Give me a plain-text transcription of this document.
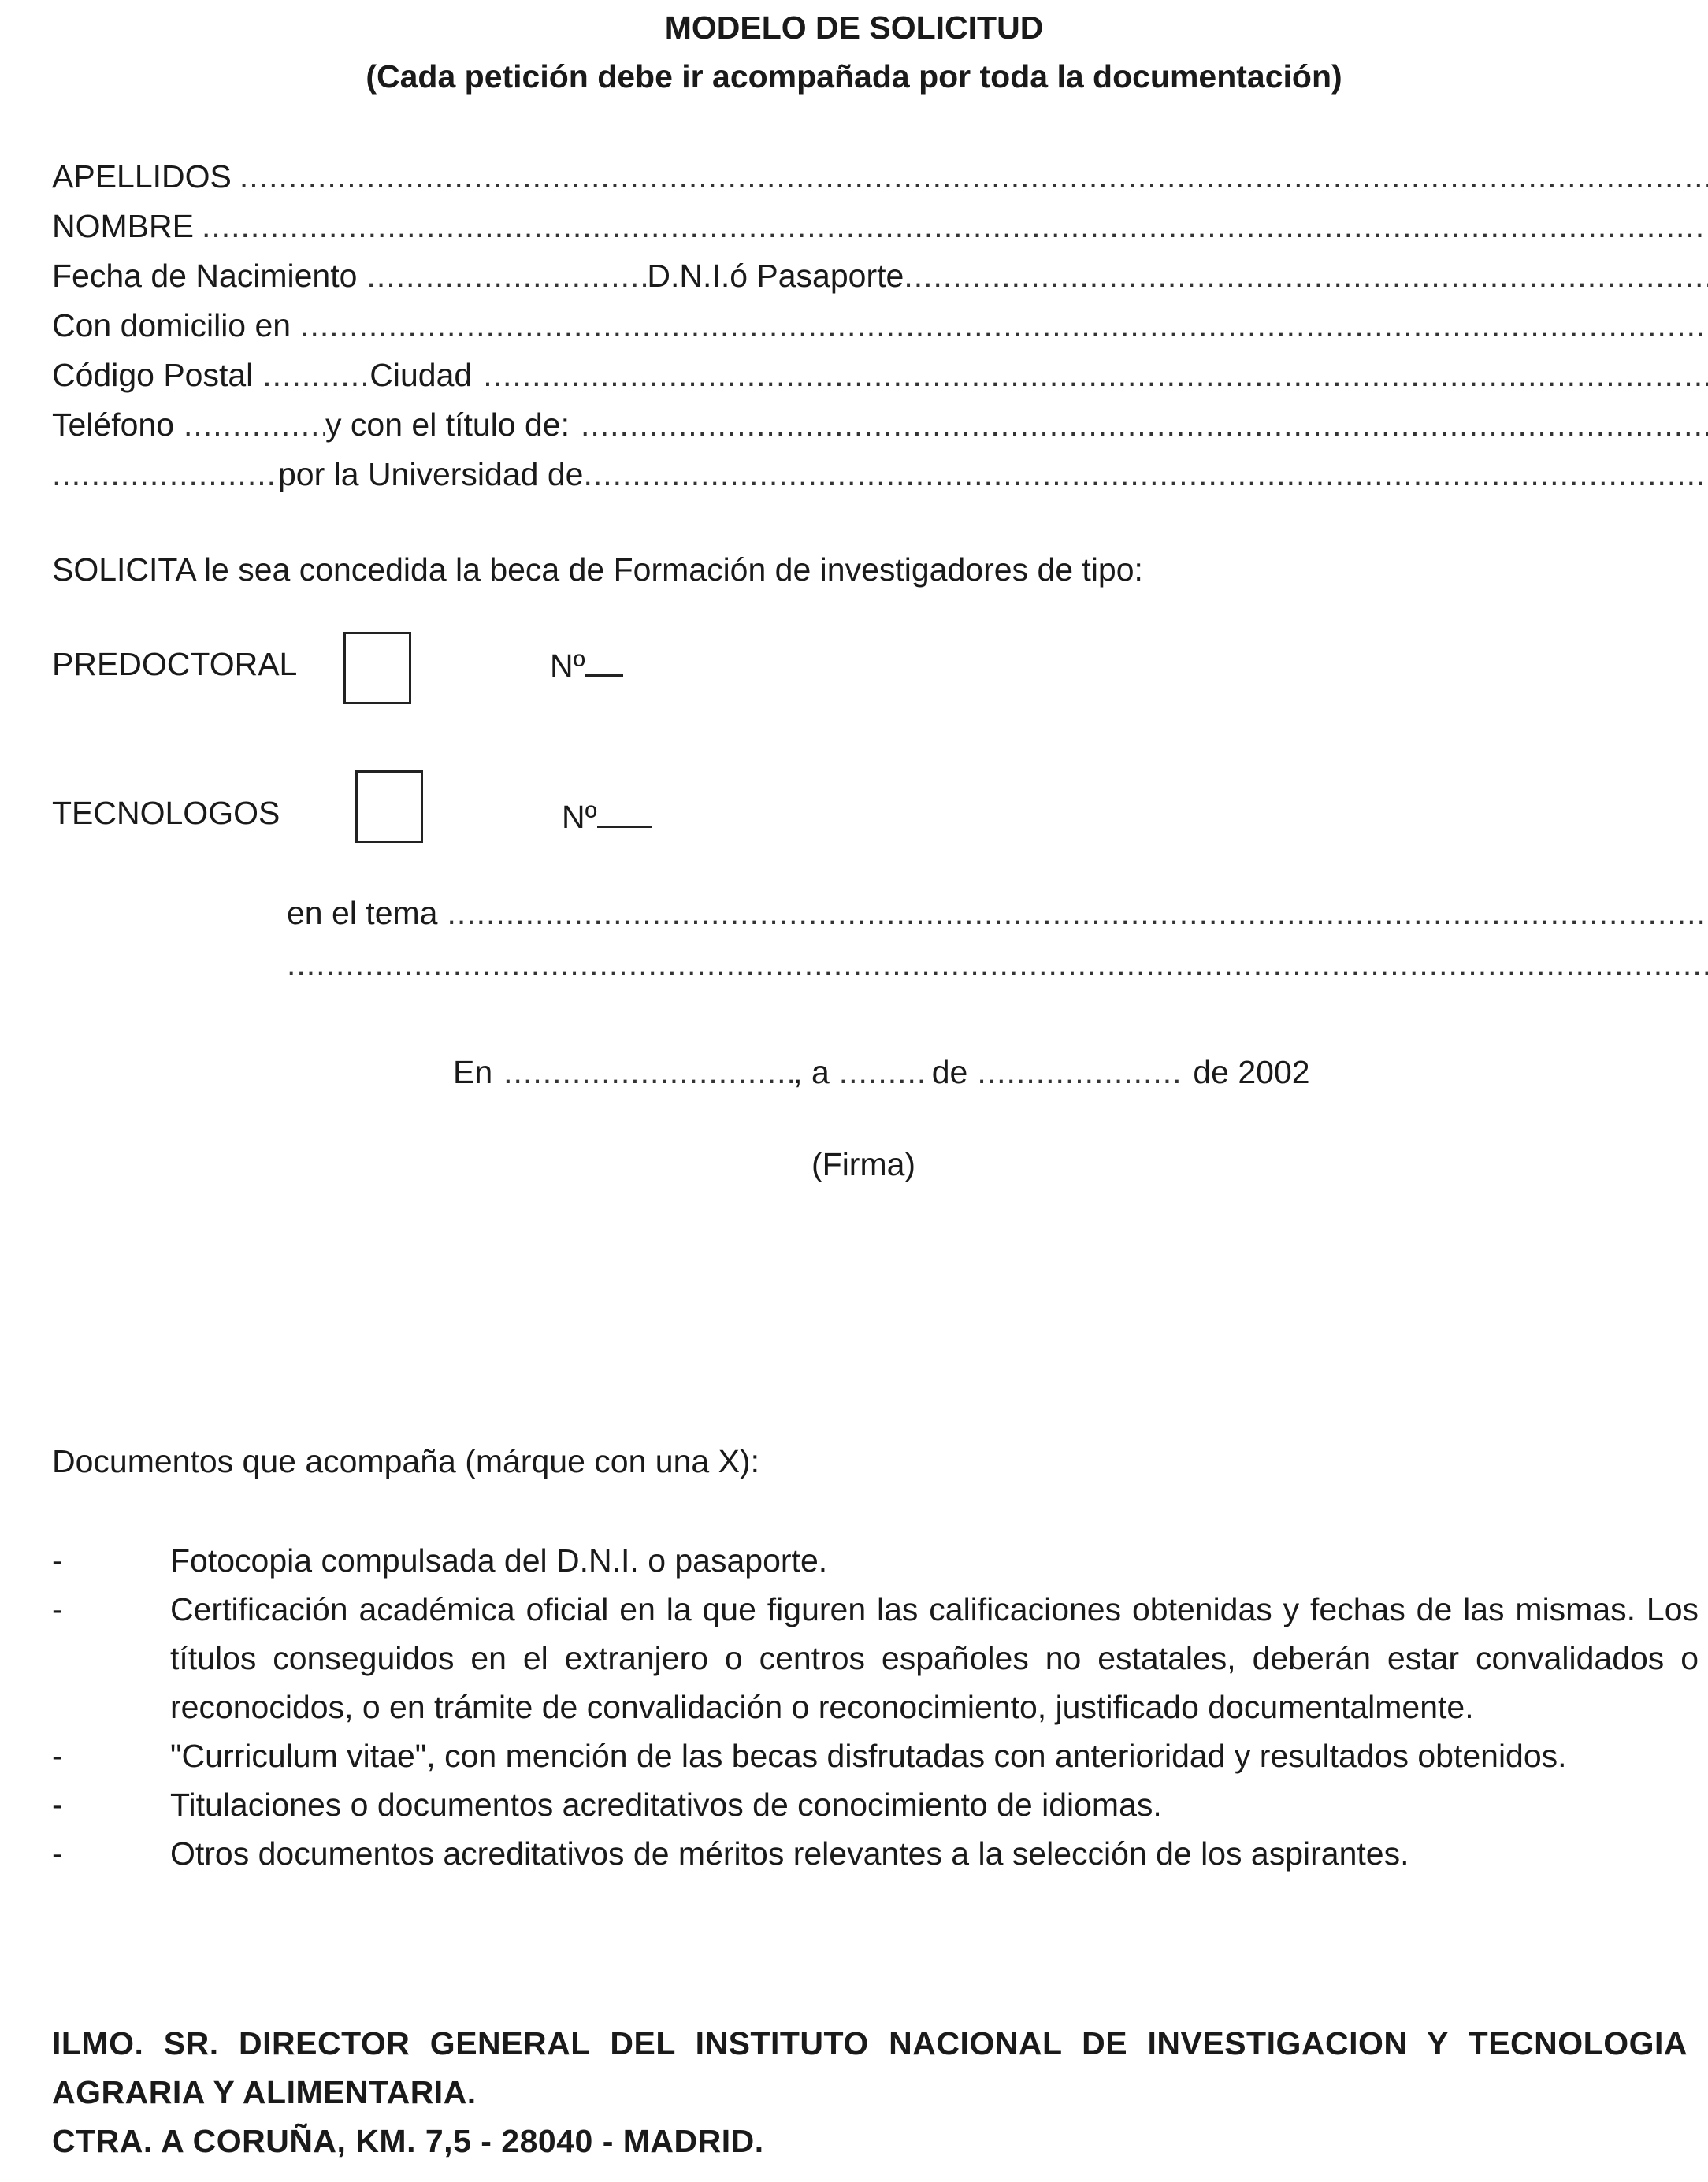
MODELO DE SOLICITUD
(Cada petición debe ir acompañada por toda la documentación)
APELLIDOS
.....
NOMBRE
.....
Fecha de Nacimiento .....	D.N.I.ó Pasaporte
.....
Con domicilio en
.....
Código Postal .....	Ciudad
.....
Teléfono .....	y con el título de:
.....
.....
por la Universidad de
.....
SOLICITA le sea concedida la beca de Formación de investigadores de tipo:
PREDOCTORAL	Nº
TECNOLOGOS	Nº
en el tema
.....
.....
En .....	, a .....	de .....	de 2002
(Firma)
Documentos que acompaña (márque con una X):
-	Fotocopia compulsada del D.N.I. o pasaporte.
-	Certificación académica oficial en la que figuren las calificaciones obtenidas y fechas de las mismas. Los títulos conseguidos en el extranjero o centros españoles no estatales, deberán estar convalidados o reconocidos, o en trámite de convalidación o reconocimiento, justificado documentalmente.
-	"Curriculum vitae", con mención de las becas disfrutadas con anterioridad y resultados obtenidos.
-	Titulaciones o documentos acreditativos de conocimiento de idiomas.
-	Otros documentos acreditativos de méritos relevantes a la selección de los aspirantes.
ILMO. SR. DIRECTOR GENERAL DEL INSTITUTO NACIONAL DE INVESTIGACION Y TECNOLOGIA AGRARIA Y ALIMENTARIA.
CTRA. A CORUÑA, KM. 7,5 - 28040 - MADRID.
